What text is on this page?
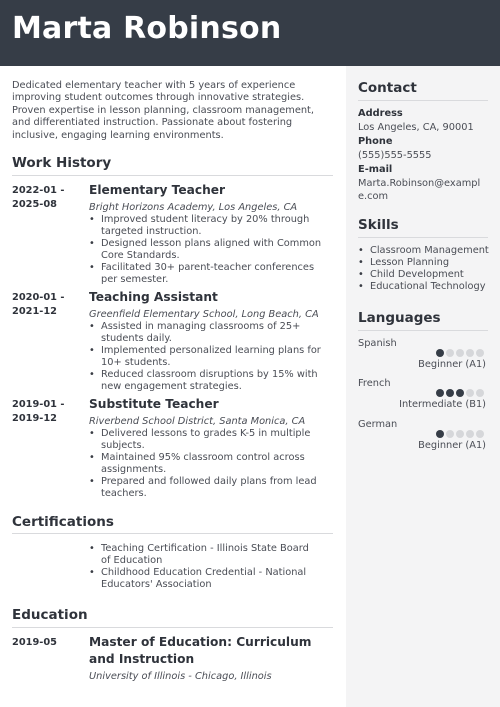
Marta Robinson
Dedicated elementary teacher with 5 years of experience improving student outcomes through innovative strategies. Proven expertise in lesson planning, classroom management, and differentiated instruction. Passionate about fostering inclusive, engaging learning environments.
Work History
2022-01 -
2025-08
Elementary Teacher
Bright Horizons Academy, Los Angeles, CA
• Improved student literacy by 20% through targeted instruction.
• Designed lesson plans aligned with Common Core Standards.
• Facilitated 30+ parent-teacher conferences per semester.
2020-01 -
2021-12
Teaching Assistant
Greenfield Elementary School, Long Beach, CA
• Assisted in managing classrooms of 25+ students daily.
• Implemented personalized learning plans for 10+ students.
• Reduced classroom disruptions by 15% with new engagement strategies.
2019-01 -
2019-12
Substitute Teacher
Riverbend School District, Santa Monica, CA
• Delivered lessons to grades K-5 in multiple subjects.
• Maintained 95% classroom control across assignments.
• Prepared and followed daily plans from lead teachers.
Certifications
• Teaching Certification - Illinois State Board of Education
• Childhood Education Credential - National Educators' Association
Education
2019-05	Master of Education: Curriculum and Instruction
University of Illinois - Chicago, Illinois
Contact
Address
Los Angeles, CA, 90001
Phone
(555)555-5555
E-mail
Marta.Robinson@example.com
Skills
• Classroom Management
• Lesson Planning
• Child Development
• Educational Technology
Languages
Spanish
Beginner (A1)
French
Intermediate (B1)
German
Beginner (A1)
